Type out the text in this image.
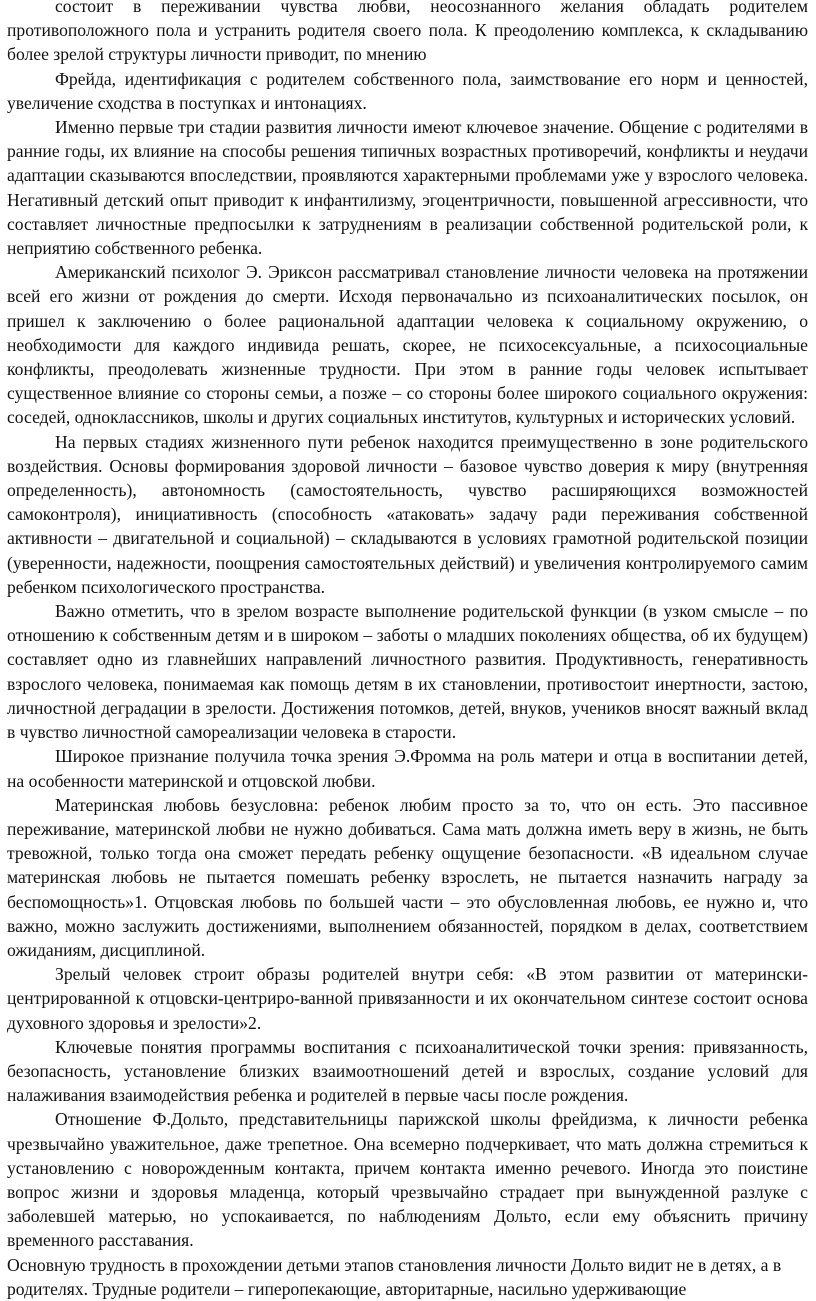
состоит в переживании чувства любви, неосознанного желания обладать родителем противоположного пола и устранить родителя своего пола. К преодолению комплекса, к складыванию более зрелой структуры личности приводит, по мнению

Фрейда, идентификация с родителем собственного пола, заимствование его норм и ценностей, увеличение сходства в поступках и интонациях.

Именно первые три стадии развития личности имеют ключевое значение. Общение с родителями в ранние годы, их влияние на способы решения типичных возрастных противоречий, конфликты и неудачи адаптации сказываются впоследствии, проявляются характерными проблемами уже у взрослого человека. Негативный детский опыт приводит к инфантилизму, эгоцентричности, повышенной агрессивности, что составляет личностные предпосылки к затруднениям в реализации собственной родительской роли, к неприятию собственного ребенка.

Американский психолог Э. Эриксон рассматривал становление личности человека на протяжении всей его жизни от рождения до смерти. Исходя первоначально из психоаналитических посылок, он пришел к заключению о более рациональной адаптации человека к социальному окружению, о необходимости для каждого индивида решать, скорее, не психосексуальные, а психосоциальные конфликты, преодолевать жизненные трудности. При этом в ранние годы человек испытывает существенное влияние со стороны семьи, а позже – со стороны более широкого социального окружения: соседей, одноклассников, школы и других социальных институтов, культурных и исторических условий.

На первых стадиях жизненного пути ребенок находится преимущественно в зоне родительского воздействия. Основы формирования здоровой личности – базовое чувство доверия к миру (внутренняя определенность), автономность (самостоятельность, чувство расширяющихся возможностей самоконтроля), инициативность (способность «атаковать» задачу ради переживания собственной активности – двигательной и социальной) – складываются в условиях грамотной родительской позиции (уверенности, надежности, поощрения самостоятельных действий) и увеличения контролируемого самим ребенком психологического пространства.

Важно отметить, что в зрелом возрасте выполнение родительской функции (в узком смысле – по отношению к собственным детям и в широком – заботы о младших поколениях общества, об их будущем) составляет одно из главнейших направлений личностного развития. Продуктивность, генеративность взрослого человека, понимаемая как помощь детям в их становлении, противостоит инертности, застою, личностной деградации в зрелости. Достижения потомков, детей, внуков, учеников вносят важный вклад в чувство личностной самореализации человека в старости.

Широкое признание получила точка зрения Э.Фромма на роль матери и отца в воспитании детей, на особенности материнской и отцовской любви.

Материнская любовь безусловна: ребенок любим просто за то, что он есть. Это пассивное переживание, материнской любви не нужно добиваться. Сама мать должна иметь веру в жизнь, не быть тревожной, только тогда она сможет передать ребенку ощущение безопасности. «В идеальном случае материнская любовь не пытается помешать ребенку взрослеть, не пытается назначить награду за беспомощность»1. Отцовская любовь по большей части – это обусловленная любовь, ее нужно и, что важно, можно заслужить достижениями, выполнением обязанностей, порядком в делах, соответствием ожиданиям, дисциплиной.

Зрелый человек строит образы родителей внутри себя: «В этом развитии от матерински-центрированной к отцовски-центриро-ванной привязанности и их окончательном синтезе состоит основа духовного здоровья и зрелости»2.

Ключевые понятия программы воспитания с психоаналитической точки зрения: привязанность, безопасность, установление близких взаимоотношений детей и взрослых, создание условий для налаживания взаимодействия ребенка и родителей в первые часы после рождения.

Отношение Ф.Дольто, представительницы парижской школы фрейдизма, к личности ребенка чрезвычайно уважительное, даже трепетное. Она всемерно подчеркивает, что мать должна стремиться к установлению с новорожденным контакта, причем контакта именно речевого. Иногда это поистине вопрос жизни и здоровья младенца, который чрезвычайно страдает при вынужденной разлуке с заболевшей матерью, но успокаивается, по наблюдениям Дольто, если ему объяснить причину временного расставания.

Основную трудность в прохождении детьми этапов становления личности Дольто видит не в детях, а в родителях. Трудные родители – гиперопекающие, авторитарные, насильно удерживающие
